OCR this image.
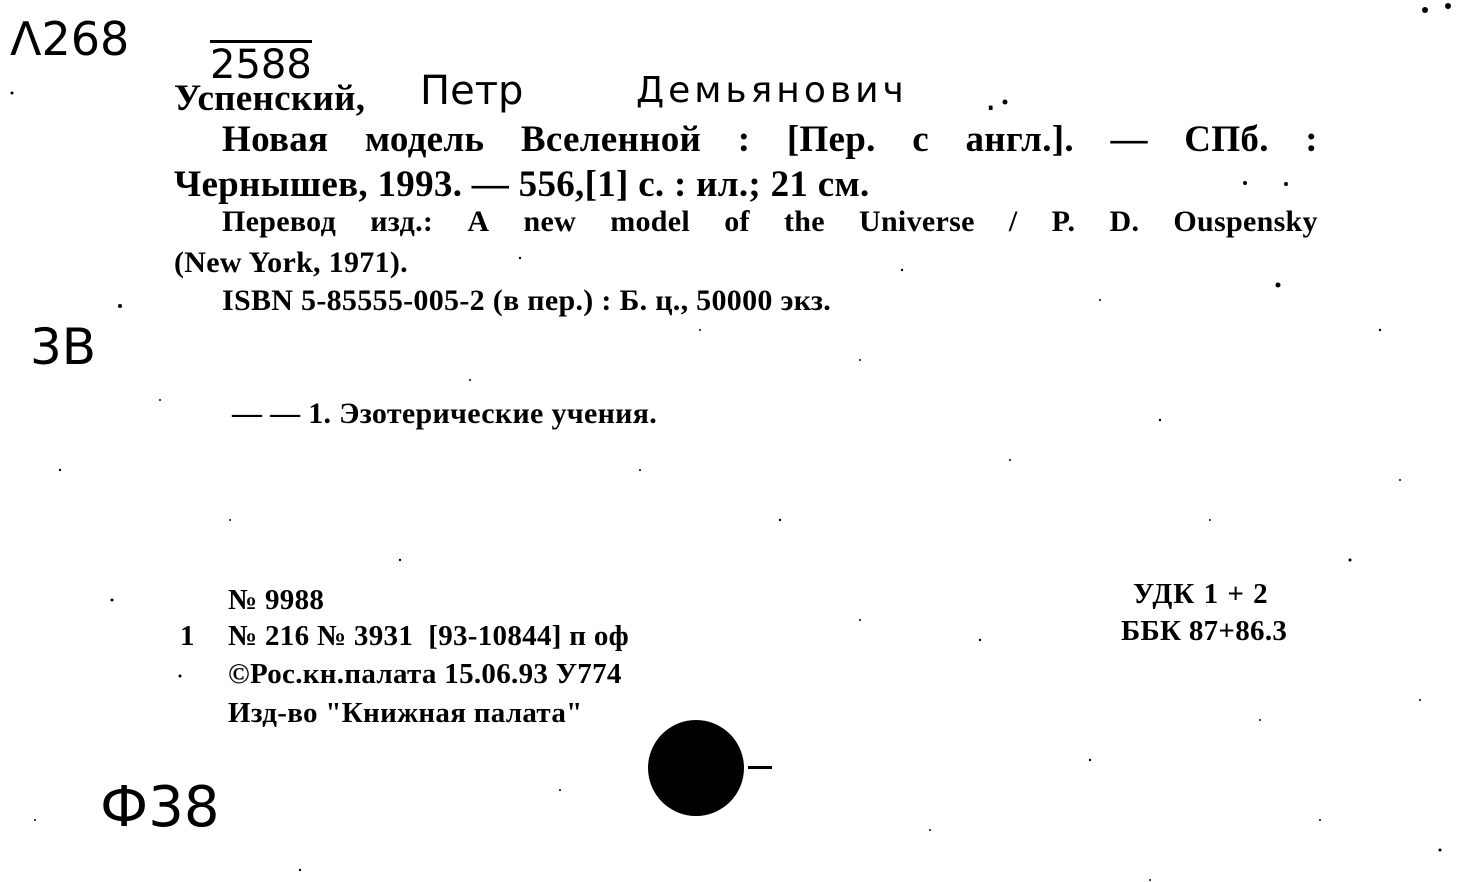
Λ268 2588
Петр	Демьянович .
3B
Ф38
Успенский,
Новая модель Вселенной : [Пер. с англ.]. — СПб. :
Чернышев, 1993. — 556,[1] с. : ил.; 21 см.
Перевод изд.: A new model of the Universe / P. D. Ouspensky
(New York, 1971).
ISBN 5-85555-005-2 (в пер.) : Б. ц., 50000 экз.
— — 1. Эзотерические учения.
№ 9988
1 № 216 № 3931  [93-10844] п оф
©Рос.кн.палата 15.06.93 У774
Изд-во "Книжная палата"
УДК 1 + 2
ББК 87+86.3
